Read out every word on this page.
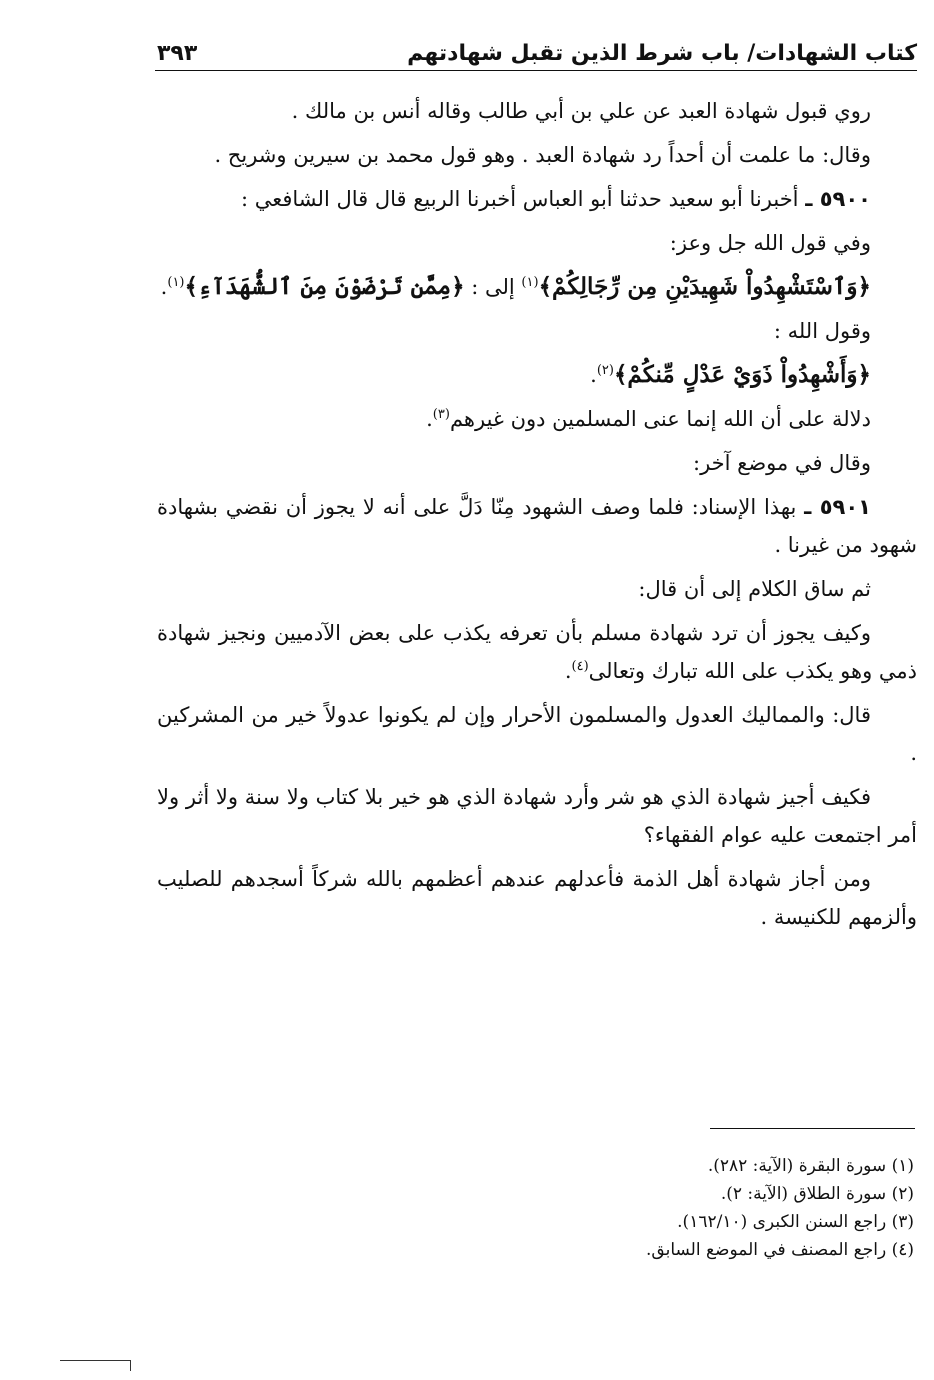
كتاب الشهادات/ باب شرط الذين تقبل شهادتهم
٣٩٣

روي قبول شهادة العبد عن علي بن أبي طالب وقاله أنس بن مالك .

وقال: ما علمت أن أحداً رد شهادة العبد . وهو قول محمد بن سيرين وشريح .

٥٩٠٠ ـ أخبرنا أبو سعيد حدثنا أبو العباس أخبرنا الربيع قال قال الشافعي :

وفي قول الله جل وعز:

﴿وَٱسْتَشْهِدُواْ شَهِيدَيْنِ مِن رِّجَالِكُمْ﴾$^{(١)}$ إلى : ﴿مِمَّن تَرْضَوْنَ مِنَ ٱلشُّهَدَآءِ﴾$^{(١)}$.

وقول الله :

﴿وَأَشْهِدُواْ ذَوَيْ عَدْلٍ مِّنكُمْ﴾$^{(٢)}$.

دلالة على أن الله إنما عنى المسلمين دون غيرهم$^{(٣)}$.

وقال في موضع آخر:

٥٩٠١ ـ بهذا الإسناد: فلما وصف الشهود مِنّا دَلَّ على أنه لا يجوز أن نقضي بشهادة شهود من غيرنا .

ثم ساق الكلام إلى أن قال:

وكيف يجوز أن ترد شهادة مسلم بأن تعرفه يكذب على بعض الآدميين ونجيز شهادة ذمي وهو يكذب على الله تبارك وتعالى$^{(٤)}$.

قال: والمماليك العدول والمسلمون الأحرار وإن لم يكونوا عدولاً خير من المشركين .

فكيف أجيز شهادة الذي هو شر وأرد شهادة الذي هو خير بلا كتاب ولا سنة ولا أثر ولا أمر اجتمعت عليه عوام الفقهاء؟

ومن أجاز شهادة أهل الذمة فأعدلهم عندهم أعظمهم بالله شركاً أسجدهم للصليب وألزمهم للكنيسة .

(١) سورة البقرة (الآية: ٢٨٢).

(٢) سورة الطلاق (الآية: ٢).

(٣) راجع السنن الكبرى (١٦٢/١٠).

(٤) راجع المصنف في الموضع السابق.
